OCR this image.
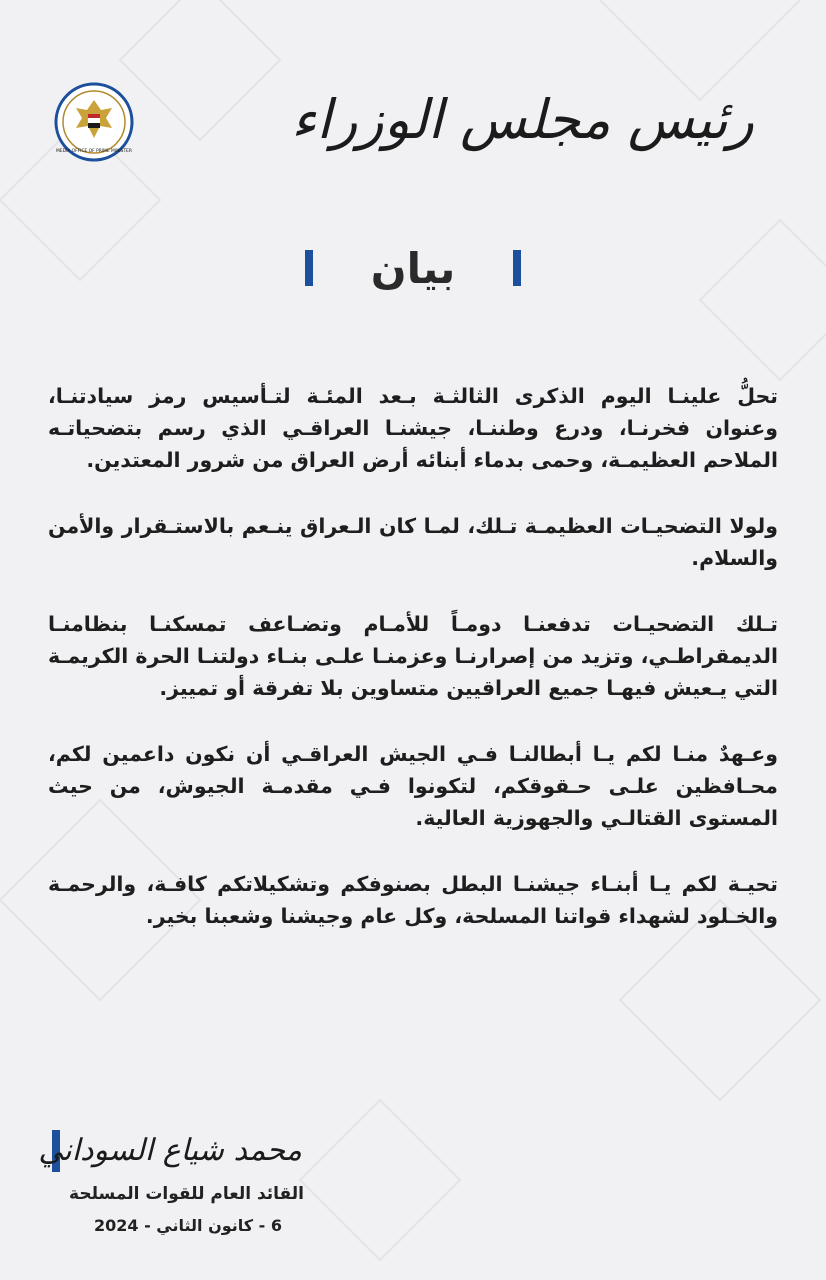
MEDIA OFFICE OF PRIME MINISTER
رئيس مجلس الوزراء
بيان

تحلُّ علينـا اليوم الذكرى الثالثـة بـعد المئـة لتـأسيس رمز سيادتنـا، وعنوان فخرنـا، ودرع وطننـا، جيشنـا العراقـي الذي رسم بتضحياتـه الملاحم العظيمـة، وحمى بدماء أبنائه أرض العراق من شرور المعتدين.

ولولا التضحيـات العظيمـة تـلك، لمـا كان الـعراق ينـعم بالاستـقرار والأمن والسلام.

تـلك التضحيـات تدفعنـا دومـاً للأمـام وتضـاعف تمسكنـا بنظامنـا الديمقراطـي، وتزيد من إصرارنـا وعزمنـا علـى بنـاء دولتنـا الحرة الكريمـة التي يـعيش فيهـا جميع العراقيين متساوين بلا تفرقة أو تمييز.

وعـهدٌ منـا لكم يـا أبطالنـا فـي الجيش العراقـي أن نكون داعمين لكم، محـافظين علـى حـقوقكم، لتكونوا فـي مقدمـة الجيوش، من حيث المستوى القتالـي والجهوزية العالية.

تحيـة لكم يـا أبنـاء جيشنـا البطل بصنوفكم وتشكيلاتكم كافـة، والرحمـة والخـلود لشهداء قواتنا المسلحة، وكل عام وجيشنا وشعبنا بخير.

محمد شياع السوداني
القائد العام للقوات المسلحة
6 - كانون الثاني - 2024
